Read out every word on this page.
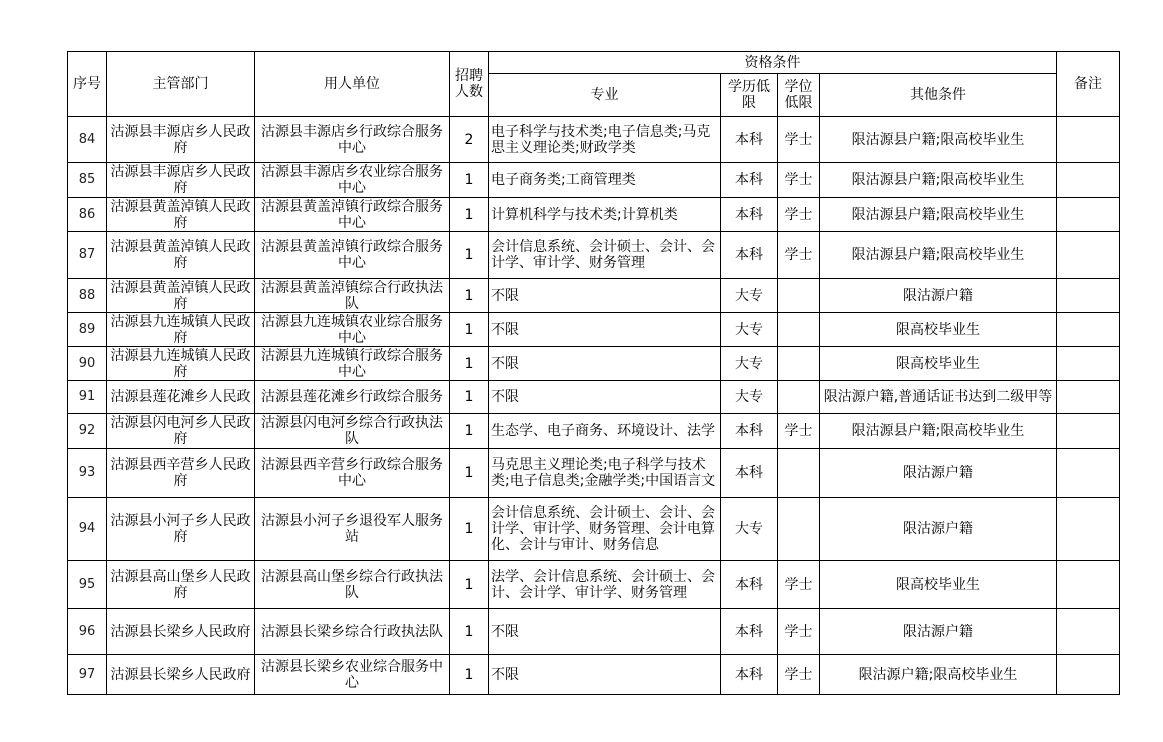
序号	主管部门	用人单位	招聘人数	资格条件				备注
				专业	学历低限	学位低限	其他条件	

84	沽源县丰源店乡人民政府	沽源县丰源店乡行政综合服务中心	2	电子科学与技术类;电子信息类;马克思主义理论类;财政学类	本科	学士	限沽源县户籍;限高校毕业生	

85	沽源县丰源店乡人民政府	沽源县丰源店乡农业综合服务中心	1	电子商务类;工商管理类	本科	学士	限沽源县户籍;限高校毕业生	

86	沽源县黄盖淖镇人民政府	沽源县黄盖淖镇行政综合服务中心	1	计算机科学与技术类;计算机类	本科	学士	限沽源县户籍;限高校毕业生	

87	沽源县黄盖淖镇人民政府	沽源县黄盖淖镇行政综合服务中心	1	会计信息系统、会计硕士、会计、会计学、审计学、财务管理	本科	学士	限沽源县户籍;限高校毕业生	

88	沽源县黄盖淖镇人民政府	沽源县黄盖淖镇综合行政执法队	1	不限	大专		限沽源户籍	

89	沽源县九连城镇人民政府	沽源县九连城镇农业综合服务中心	1	不限	大专		限高校毕业生	

90	沽源县九连城镇人民政府	沽源县九连城镇行政综合服务中心	1	不限	大专		限高校毕业生	

91	沽源县莲花滩乡人民政	沽源县莲花滩乡行政综合服务	1	不限	大专		限沽源户籍,普通话证书达到二级甲等	

92	沽源县闪电河乡人民政府	沽源县闪电河乡综合行政执法队	1	生态学、电子商务、环境设计、法学	本科	学士	限沽源县户籍;限高校毕业生	

93	沽源县西辛营乡人民政府	沽源县西辛营乡行政综合服务中心	1	马克思主义理论类;电子科学与技术类;电子信息类;金融学类;中国语言文	本科		限沽源户籍	

94	沽源县小河子乡人民政府	沽源县小河子乡退役军人服务站	1	会计信息系统、会计硕士、会计、会计学、审计学、财务管理、会计电算化、会计与审计、财务信息	大专		限沽源户籍	

95	沽源县高山堡乡人民政府	沽源县高山堡乡综合行政执法队	1	法学、会计信息系统、会计硕士、会计、会计学、审计学、财务管理	本科	学士	限高校毕业生	

96	沽源县长梁乡人民政府	沽源县长梁乡综合行政执法队	1	不限	本科	学士	限沽源户籍	

97	沽源县长梁乡人民政府	沽源县长梁乡农业综合服务中心	1	不限	本科	学士	限沽源户籍;限高校毕业生	
